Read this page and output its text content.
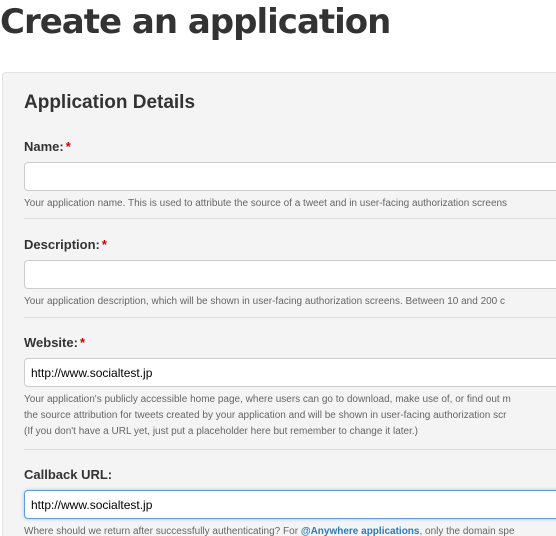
Create an application
Application Details
Name: *

Your application name. This is used to attribute the source of a tweet and in user-facing authorization screens

Description: *

Your application description, which will be shown in user-facing authorization screens. Between 10 and 200 c

Website: *
http://www.socialtest.jp

Your application's publicly accessible home page, where users can go to download, make use of, or find out m
the source attribution for tweets created by your application and will be shown in user-facing authorization scr
(If you don't have a URL yet, just put a placeholder here but remember to change it later.)

Callback URL:
http://www.socialtest.jp

Where should we return after successfully authenticating? For @Anywhere applications, only the domain spe
